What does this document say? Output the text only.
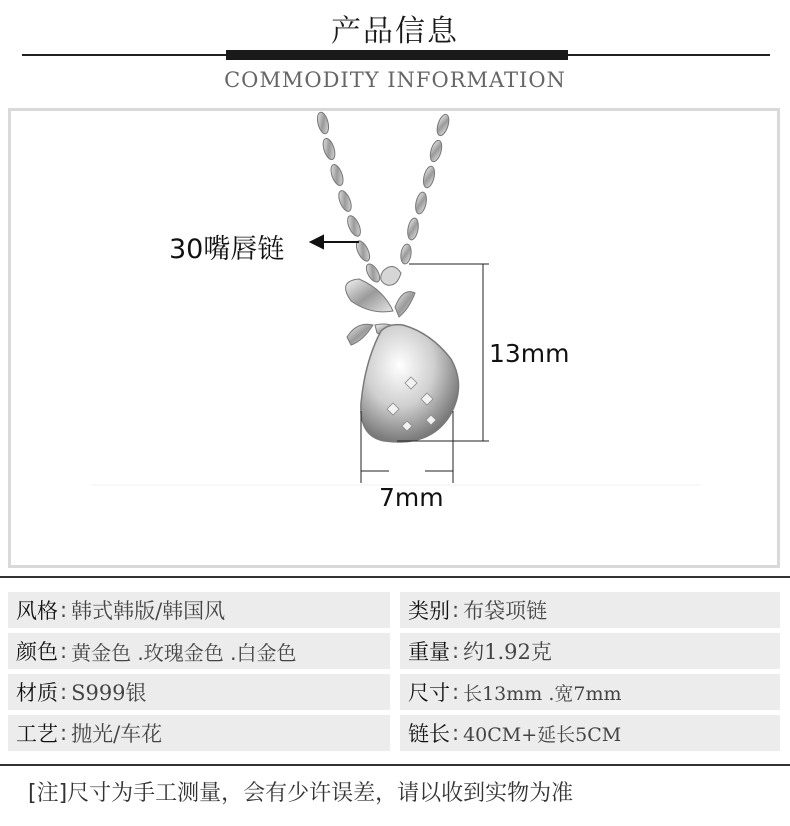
产品信息
COMMODITY INFORMATION
30嘴唇链
13mm
7mm
风格 : 韩式韩版/韩国风	类别 : 布袋项链
颜色 : 黄金色 .玫瑰金色 .白金色	重量 : 约1.92克
材质 : S999银	尺寸 : 长13mm .宽7mm
工艺 : 抛光/车花	链长 : 40CM+延长5CM
[注]尺寸为手工测量，会有少许误差，请以收到实物为准
